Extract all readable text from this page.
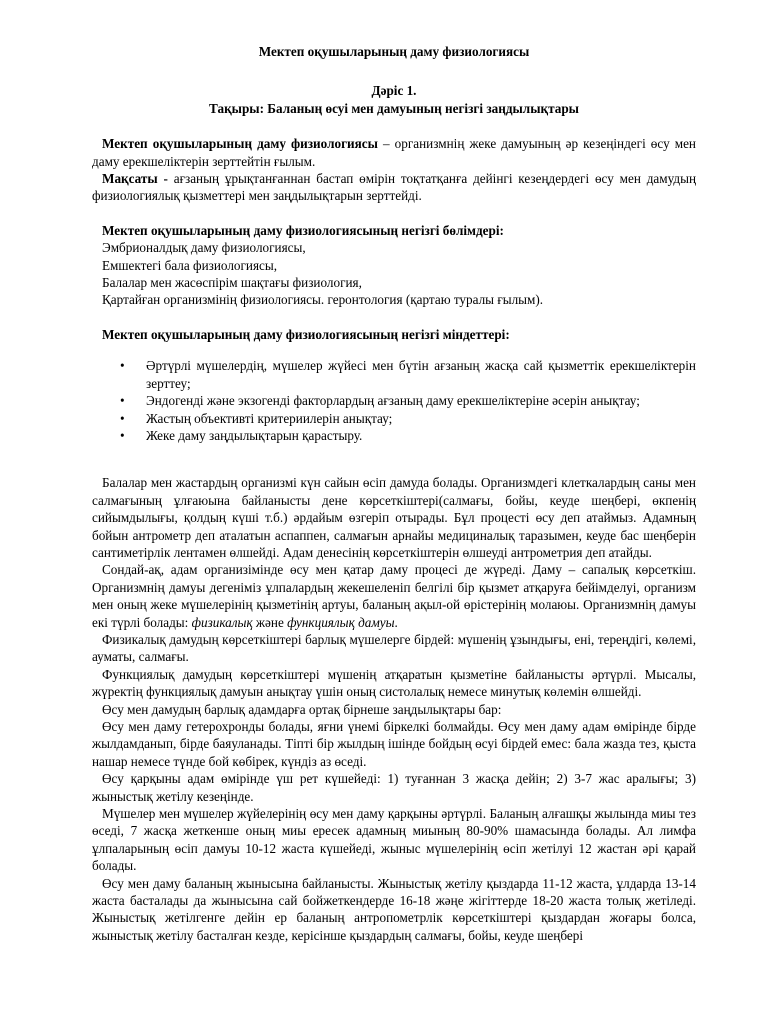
Мектеп оқушыларының даму физиологиясы

Дәріс 1.

Тақыры: Баланың өсуі мен дамуының негізгі заңдылықтары

Мектеп оқушыларының даму физиологиясы – организмнің жеке дамуының әр кезеңіндегі өсу мен даму ерекшеліктерін зерттейтін ғылым.

Мақсаты - ағзаның ұрықтанғаннан бастап өмірін тоқтатқанға дейінгі кезеңдердегі өсу мен дамудың физиологиялық қызметтері мен заңдылықтарын зерттейді.

Мектеп оқушыларының даму физиологиясының негізгі бөлімдері:

Эмбрионалдық даму физиологиясы,

Емшектегі бала физиологиясы,

Балалар мен жасөспірім шақтағы физиология,

Қартайған организмінің физиологиясы. геронтология (қартаю туралы ғылым).

Мектеп оқушыларының даму физиологиясының негізгі міндеттері:

• Әртүрлі мүшелердің, мүшелер жүйесі мен бүтін ағзаның жасқа сай қызметтік ерекшеліктерін зерттеу;
• Эндогенді және экзогенді факторлардың ағзаның даму ерекшеліктеріне әсерін анықтау;
• Жастың объективті критериилерін анықтау;
• Жеке даму заңдылықтарын қарастыру.

Балалар мен жастардың организмі күн сайын өсіп дамуда болады. Организмдегі клеткалардың саны мен салмағының ұлғаюына байланысты дене көрсеткіштері(салмағы, бойы, кеуде шеңбері, өкпенің сийымдылығы, қолдың күші т.б.) әрдайым өзгеріп отырады. Бұл процесті өсу деп атаймыз. Адамның бойын антрометр деп аталатын аспаппен, салмағын арнайы медициналық таразымен, кеуде бас шеңберін сантиметірлік лентамен өлшейді. Адам денесінің көрсеткіштерін өлшеуді антрометрия деп атайды.

Сондай-ақ, адам организімінде өсу мен қатар даму процесі де жүреді. Даму – сапалық көрсеткіш. Организмнің дамуы дегеніміз ұлпалардың жекешеленіп белгілі бір қызмет атқаруға бейімделуі, организм мен оның жеке мүшелерінің қызметінің артуы, баланың ақыл-ой өрістерінің молаюы. Организмнің дамуы екі түрлі болады: физикалық және функциялық дамуы.

Физикалық дамудың көрсеткіштері барлық мүшелерге бірдей: мүшенің ұзындығы, ені, тереңдігі, көлемі, ауматы, салмағы.

Функциялық дамудың көрсеткіштері мүшенің атқаратын қызметіне байланысты әртүрлі. Мысалы, жүректің функциялық дамуын анықтау үшін оның систолалық немесе минутық көлемін өлшейді.

Өсу мен дамудың барлық адамдарға ортақ бірнеше заңдылықтары бар:

Өсу мен даму гетерохронды болады, яғни үнемі біркелкі болмайды. Өсу мен даму адам өмірінде бірде жылдамданып, бірде баяуланады. Тіпті бір жылдың ішінде бойдың өсуі бірдей емес: бала жазда тез, қыста нашар немесе түнде бой көбірек, күндіз аз өседі.

Өсу қарқыны адам өмірінде үш рет күшейеді: 1) туғаннан 3 жасқа дейін; 2) 3-7 жас аралығы; 3) жыныстық жетілу кезеңінде.

Мүшелер мен мүшелер жүйелерінің өсу мен даму қарқыны әртүрлі. Баланың алғашқы жылында миы тез өседі, 7 жасқа жеткенше оның миы ересек адамның миының 80-90% шамасында болады. Ал лимфа ұлпаларының өсіп дамуы 10-12 жаста күшейеді, жыныс мүшелерінің өсіп жетілуі 12 жастан әрі қарай болады.

Өсу мен даму баланың жынысына байланысты. Жыныстық жетілу қыздарда 11-12 жаста, ұлдарда 13-14 жаста басталады да жынысына сай бойжеткендерде 16-18 жәңе жігіттерде 18-20 жаста толық жетіледі. Жыныстық жетілгенге дейін ер баланың антропометрлік көрсеткіштері қыздардан жоғары болса, жыныстық жетілу басталған кезде, керісінше қыздардың салмағы, бойы, кеуде шеңбері
